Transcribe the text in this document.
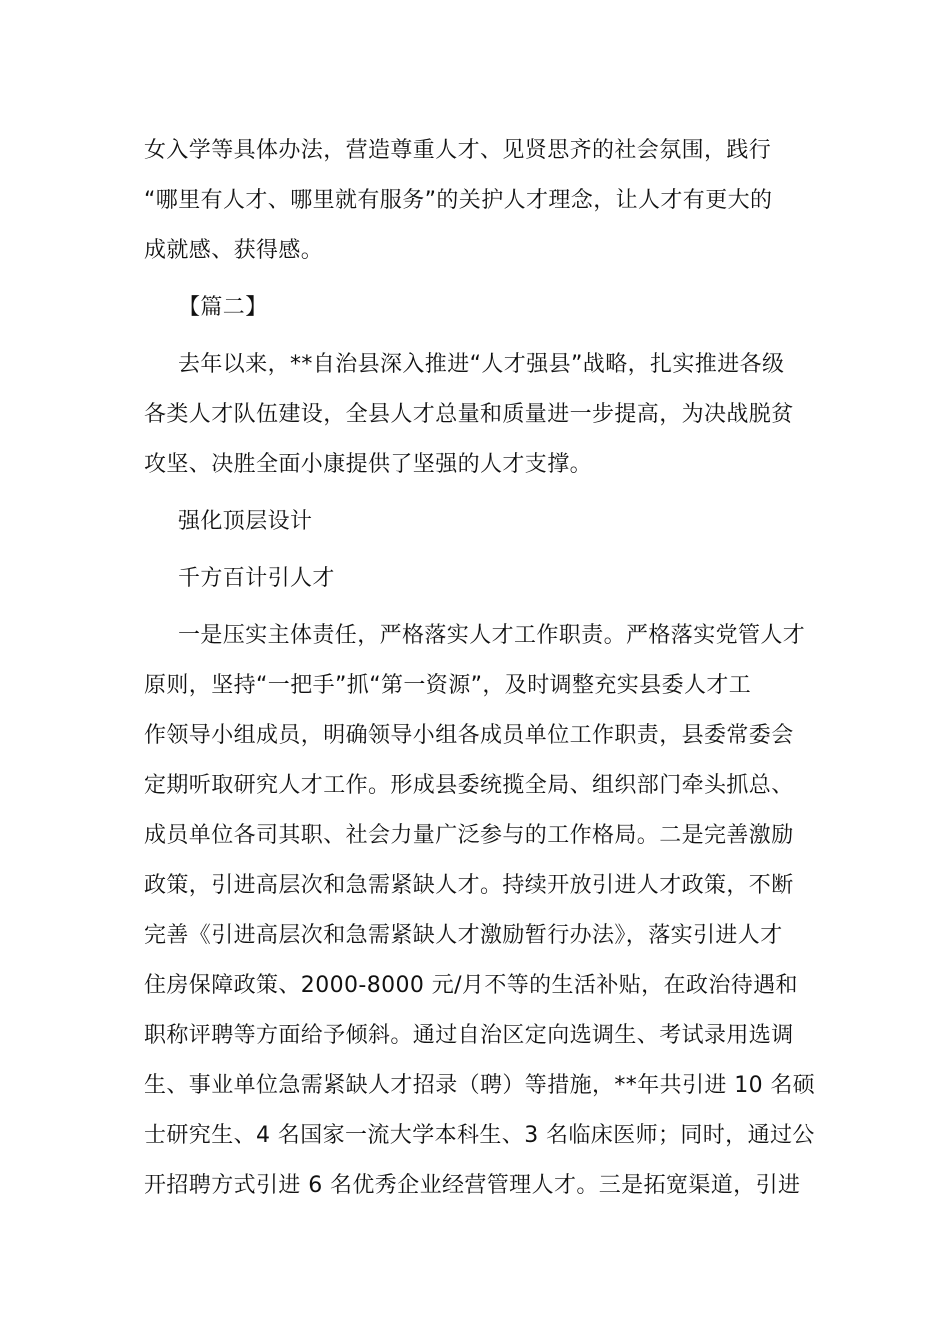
女入学等具体办法，营造尊重人才、见贤思齐的社会氛围，践行
“哪里有人才、哪里就有服务”的关护人才理念，让人才有更大的
成就感、获得感。
【篇二】
去年以来，**自治县深入推进“人才强县”战略，扎实推进各级
各类人才队伍建设，全县人才总量和质量进一步提高，为决战脱贫
攻坚、决胜全面小康提供了坚强的人才支撑。
强化顶层设计
千方百计引人才
一是压实主体责任，严格落实人才工作职责。严格落实党管人才
原则，坚持“一把手”抓“第一资源”，及时调整充实县委人才工
作领导小组成员，明确领导小组各成员单位工作职责，县委常委会
定期听取研究人才工作。形成县委统揽全局、组织部门牵头抓总、
成员单位各司其职、社会力量广泛参与的工作格局。二是完善激励
政策，引进高层次和急需紧缺人才。持续开放引进人才政策，不断
完善《引进高层次和急需紧缺人才激励暂行办法》，落实引进人才
住房保障政策、2000-8000 元/月不等的生活补贴，在政治待遇和
职称评聘等方面给予倾斜。通过自治区定向选调生、考试录用选调
生、事业单位急需紧缺人才招录（聘）等措施，**年共引进 10 名硕
士研究生、4 名国家一流大学本科生、3 名临床医师；同时，通过公
开招聘方式引进 6 名优秀企业经营管理人才。三是拓宽渠道，引进
